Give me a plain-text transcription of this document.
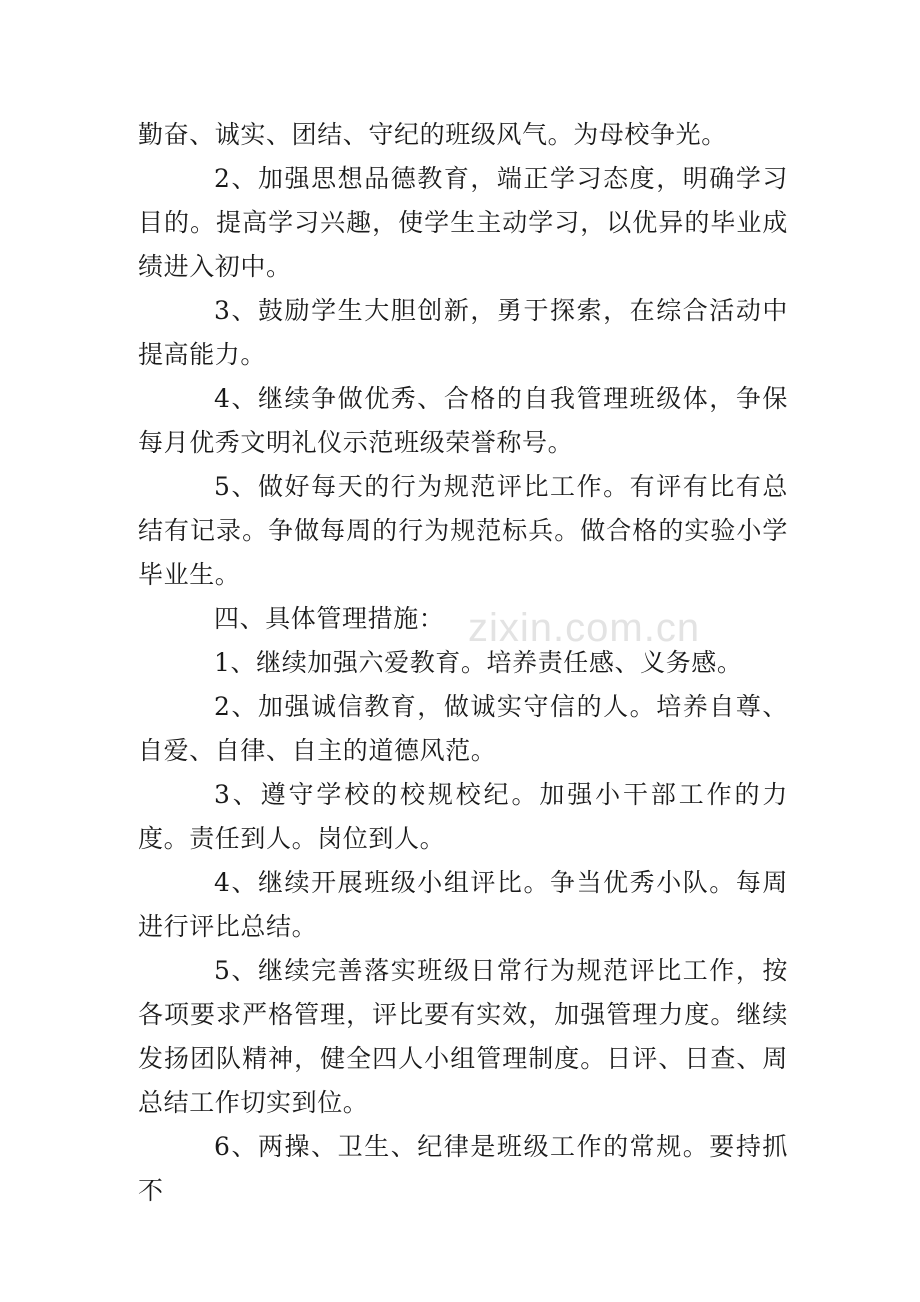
勤奋、诚实、团结、守纪的班级风气。为母校争光。

2、加强思想品德教育，端正学习态度，明确学习目的。提高学习兴趣，使学生主动学习，以优异的毕业成绩进入初中。

3、鼓励学生大胆创新，勇于探索，在综合活动中提高能力。

4、继续争做优秀、合格的自我管理班级体，争保每月优秀文明礼仪示范班级荣誉称号。

5、做好每天的行为规范评比工作。有评有比有总结有记录。争做每周的行为规范标兵。做合格的实验小学毕业生。

四、具体管理措施：

1、继续加强六爱教育。培养责任感、义务感。

2、加强诚信教育，做诚实守信的人。培养自尊、自爱、自律、自主的道德风范。

3、遵守学校的校规校纪。加强小干部工作的力度。责任到人。岗位到人。

4、继续开展班级小组评比。争当优秀小队。每周进行评比总结。

5、继续完善落实班级日常行为规范评比工作，按各项要求严格管理，评比要有实效，加强管理力度。继续发扬团队精神，健全四人小组管理制度。日评、日查、周总结工作切实到位。

6、两操、卫生、纪律是班级工作的常规。要持抓不

zixin.com.cn
